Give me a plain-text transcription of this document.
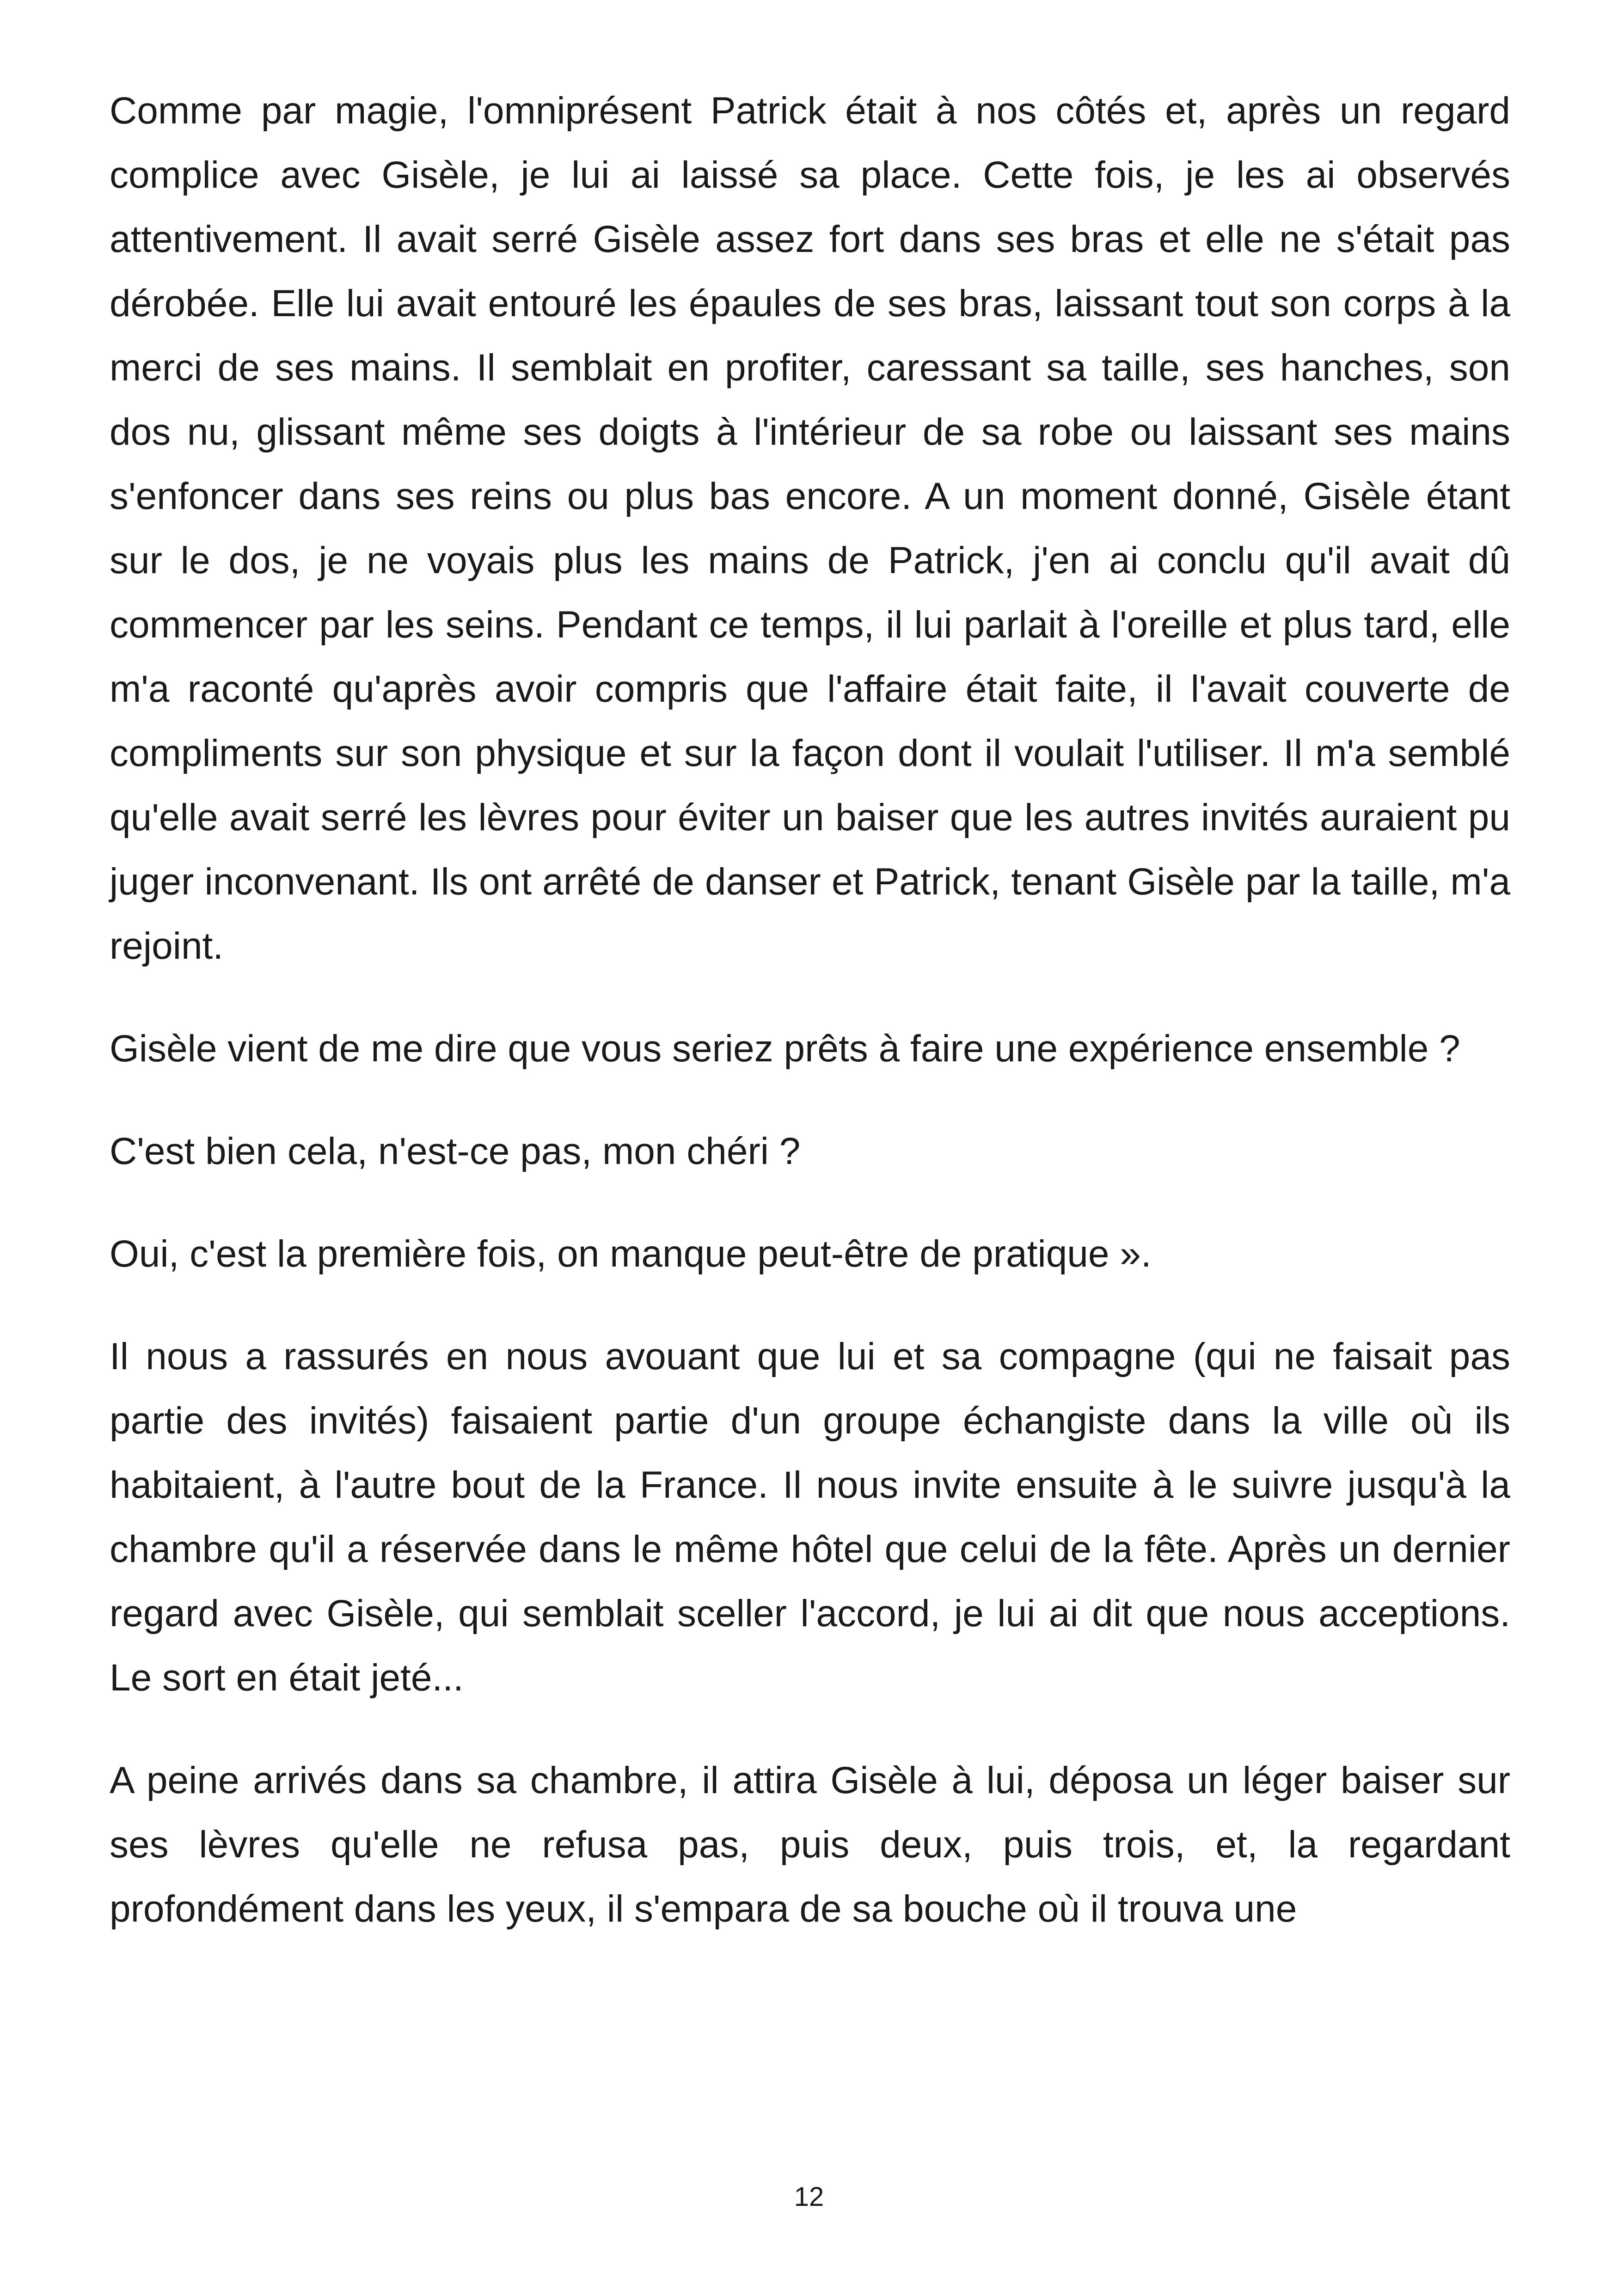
Comme par magie, l'omniprésent Patrick était à nos côtés et, après un regard complice avec Gisèle, je lui ai laissé sa place. Cette fois, je les ai observés attentivement. Il avait serré Gisèle assez fort dans ses bras et elle ne s'était pas dérobée. Elle lui avait entouré les épaules de ses bras, laissant tout son corps à la merci de ses mains. Il semblait en profiter, caressant sa taille, ses hanches, son dos nu, glissant même ses doigts à l'intérieur de sa robe ou laissant ses mains s'enfoncer dans ses reins ou plus bas encore. A un moment donné, Gisèle étant sur le dos, je ne voyais plus les mains de Patrick, j'en ai conclu qu'il avait dû commencer par les seins. Pendant ce temps, il lui parlait à l'oreille et plus tard, elle m'a raconté qu'après avoir compris que l'affaire était faite, il l'avait couverte de compliments sur son physique et sur la façon dont il voulait l'utiliser. Il m'a semblé qu'elle avait serré les lèvres pour éviter un baiser que les autres invités auraient pu juger inconvenant. Ils ont arrêté de danser et Patrick, tenant Gisèle par la taille, m'a rejoint.

Gisèle vient de me dire que vous seriez prêts à faire une expérience ensemble ?

C'est bien cela, n'est-ce pas, mon chéri ?

Oui, c'est la première fois, on manque peut-être de pratique ».

Il nous a rassurés en nous avouant que lui et sa compagne (qui ne faisait pas partie des invités) faisaient partie d'un groupe échangiste dans la ville où ils habitaient, à l'autre bout de la France. Il nous invite ensuite à le suivre jusqu'à la chambre qu'il a réservée dans le même hôtel que celui de la fête. Après un dernier regard avec Gisèle, qui semblait sceller l'accord, je lui ai dit que nous acceptions. Le sort en était jeté...

A peine arrivés dans sa chambre, il attira Gisèle à lui, déposa un léger baiser sur ses lèvres qu'elle ne refusa pas, puis deux, puis trois, et, la regardant profondément dans les yeux, il s'empara de sa bouche où il trouva une

12
